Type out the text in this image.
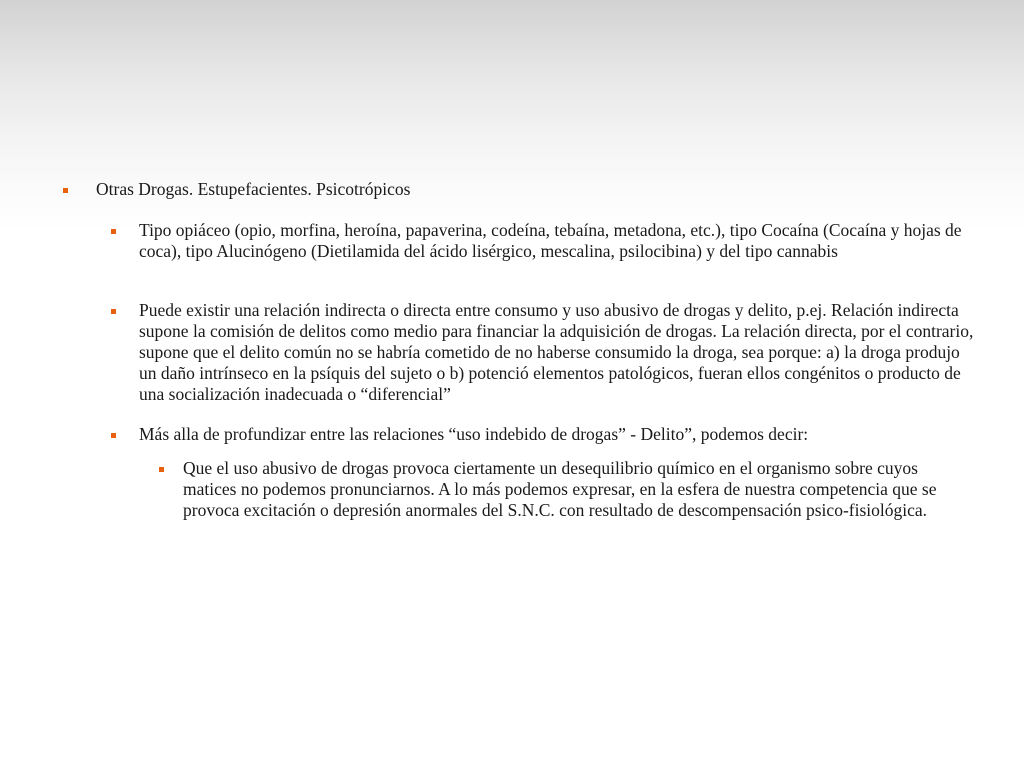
Otras Drogas. Estupefacientes. Psicotrópicos
Tipo opiáceo (opio, morfina, heroína, papaverina, codeína, tebaína, metadona, etc.), tipo Cocaína (Cocaína y hojas de coca), tipo Alucinógeno (Dietilamida del ácido lisérgico, mescalina, psilocibina) y del tipo cannabis
Puede existir una relación indirecta o directa entre consumo y uso abusivo de drogas y delito, p.ej. Relación indirecta supone la comisión de delitos como medio para financiar la adquisición de drogas. La relación directa, por el contrario, supone que el delito común no se habría cometido de no haberse consumido la droga, sea porque: a) la droga produjo un daño intrínseco en la psíquis del sujeto o b) potenció elementos patológicos, fueran ellos congénitos o producto de una socialización inadecuada o “diferencial”
Más alla de profundizar entre las relaciones “uso indebido de drogas” - Delito”, podemos decir:
Que el uso abusivo de drogas provoca ciertamente un desequilibrio químico en el organismo sobre cuyos matices no podemos pronunciarnos. A lo más podemos expresar, en la esfera de nuestra competencia que se provoca excitación o depresión anormales del S.N.C. con resultado de descompensación psico-fisiológica.
